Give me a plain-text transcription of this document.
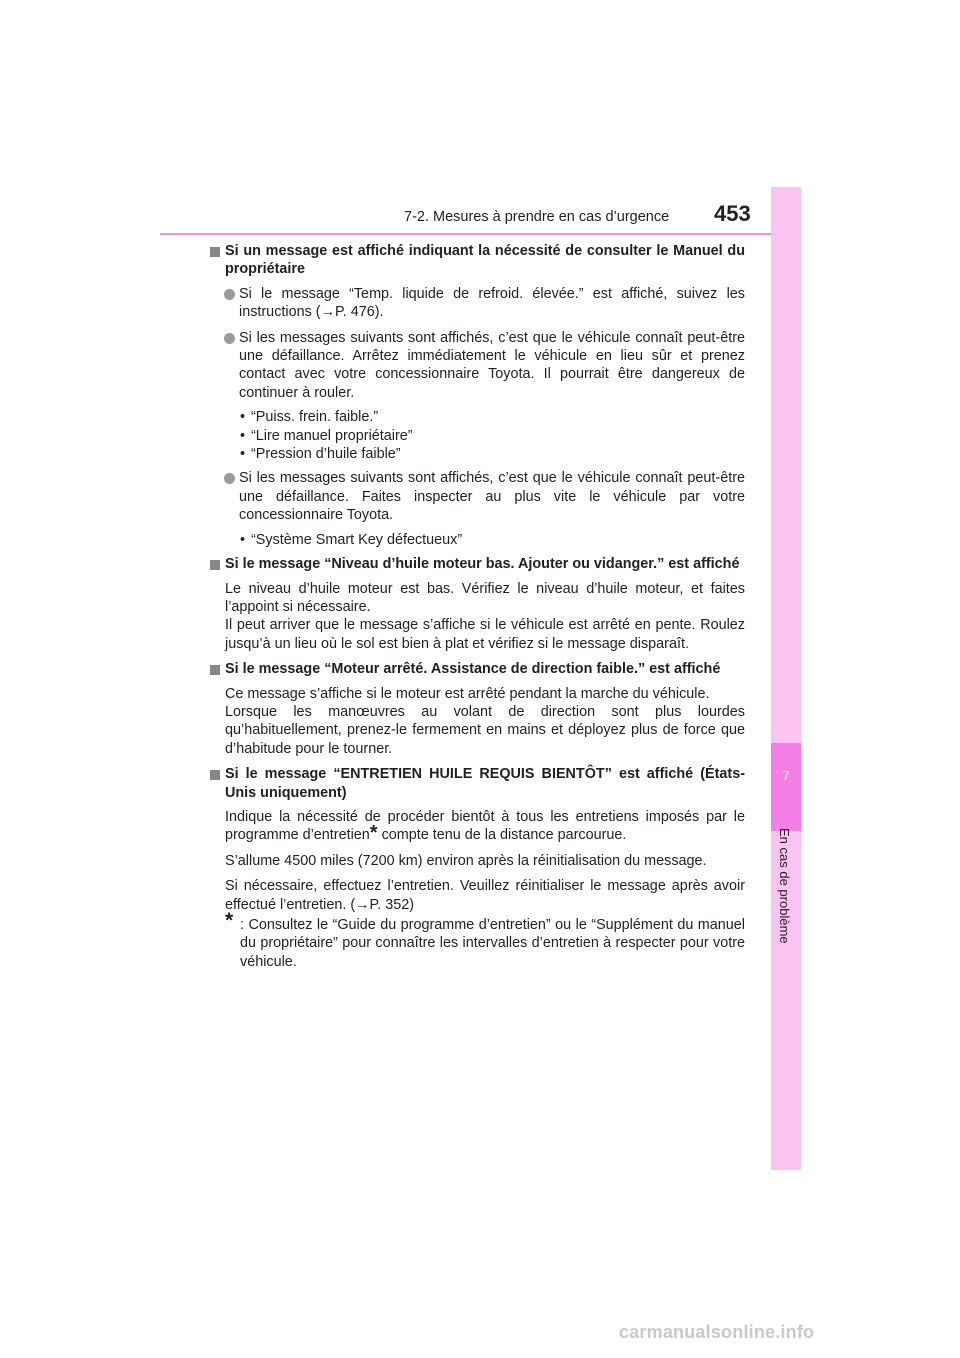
7-2. Mesures à prendre en cas d’urgence 453
7
En cas de problème
Si un message est affiché indiquant la nécessité de consulter le Manuel du propriétaire
Si le message “Temp. liquide de refroid. élevée.” est affiché, suivez les instructions (→P. 476).
Si les messages suivants sont affichés, c’est que le véhicule connaît peut-être une défaillance. Arrêtez immédiatement le véhicule en lieu sûr et prenez contact avec votre concessionnaire Toyota. Il pourrait être dangereux de continuer à rouler.
• “Puiss. frein. faible.”
• “Lire manuel propriétaire”
• “Pression d’huile faible”
Si les messages suivants sont affichés, c’est que le véhicule connaît peut-être une défaillance. Faites inspecter au plus vite le véhicule par votre concessionnaire Toyota.
• “Système Smart Key défectueux”
Si le message “Niveau d’huile moteur bas. Ajouter ou vidanger.” est affiché
Le niveau d’huile moteur est bas. Vérifiez le niveau d’huile moteur, et faites l’appoint si nécessaire.
Il peut arriver que le message s’affiche si le véhicule est arrêté en pente. Roulez jusqu’à un lieu où le sol est bien à plat et vérifiez si le message disparaît.
Si le message “Moteur arrêté. Assistance de direction faible.” est affiché
Ce message s’affiche si le moteur est arrêté pendant la marche du véhicule.
Lorsque les manœuvres au volant de direction sont plus lourdes qu’habituellement, prenez-le fermement en mains et déployez plus de force que d’habitude pour le tourner.
Si le message “ENTRETIEN HUILE REQUIS BIENTÔT” est affiché (États-Unis uniquement)
Indique la nécessité de procéder bientôt à tous les entretiens imposés par le programme d’entretien* compte tenu de la distance parcourue.
S’allume 4500 miles (7200 km) environ après la réinitialisation du message.
Si nécessaire, effectuez l’entretien. Veuillez réinitialiser le message après avoir effectué l’entretien. (→P. 352)
* : Consultez le “Guide du programme d’entretien” ou le “Supplément du manuel du propriétaire” pour connaître les intervalles d’entretien à respecter pour votre véhicule.
carmanualsonline.info
